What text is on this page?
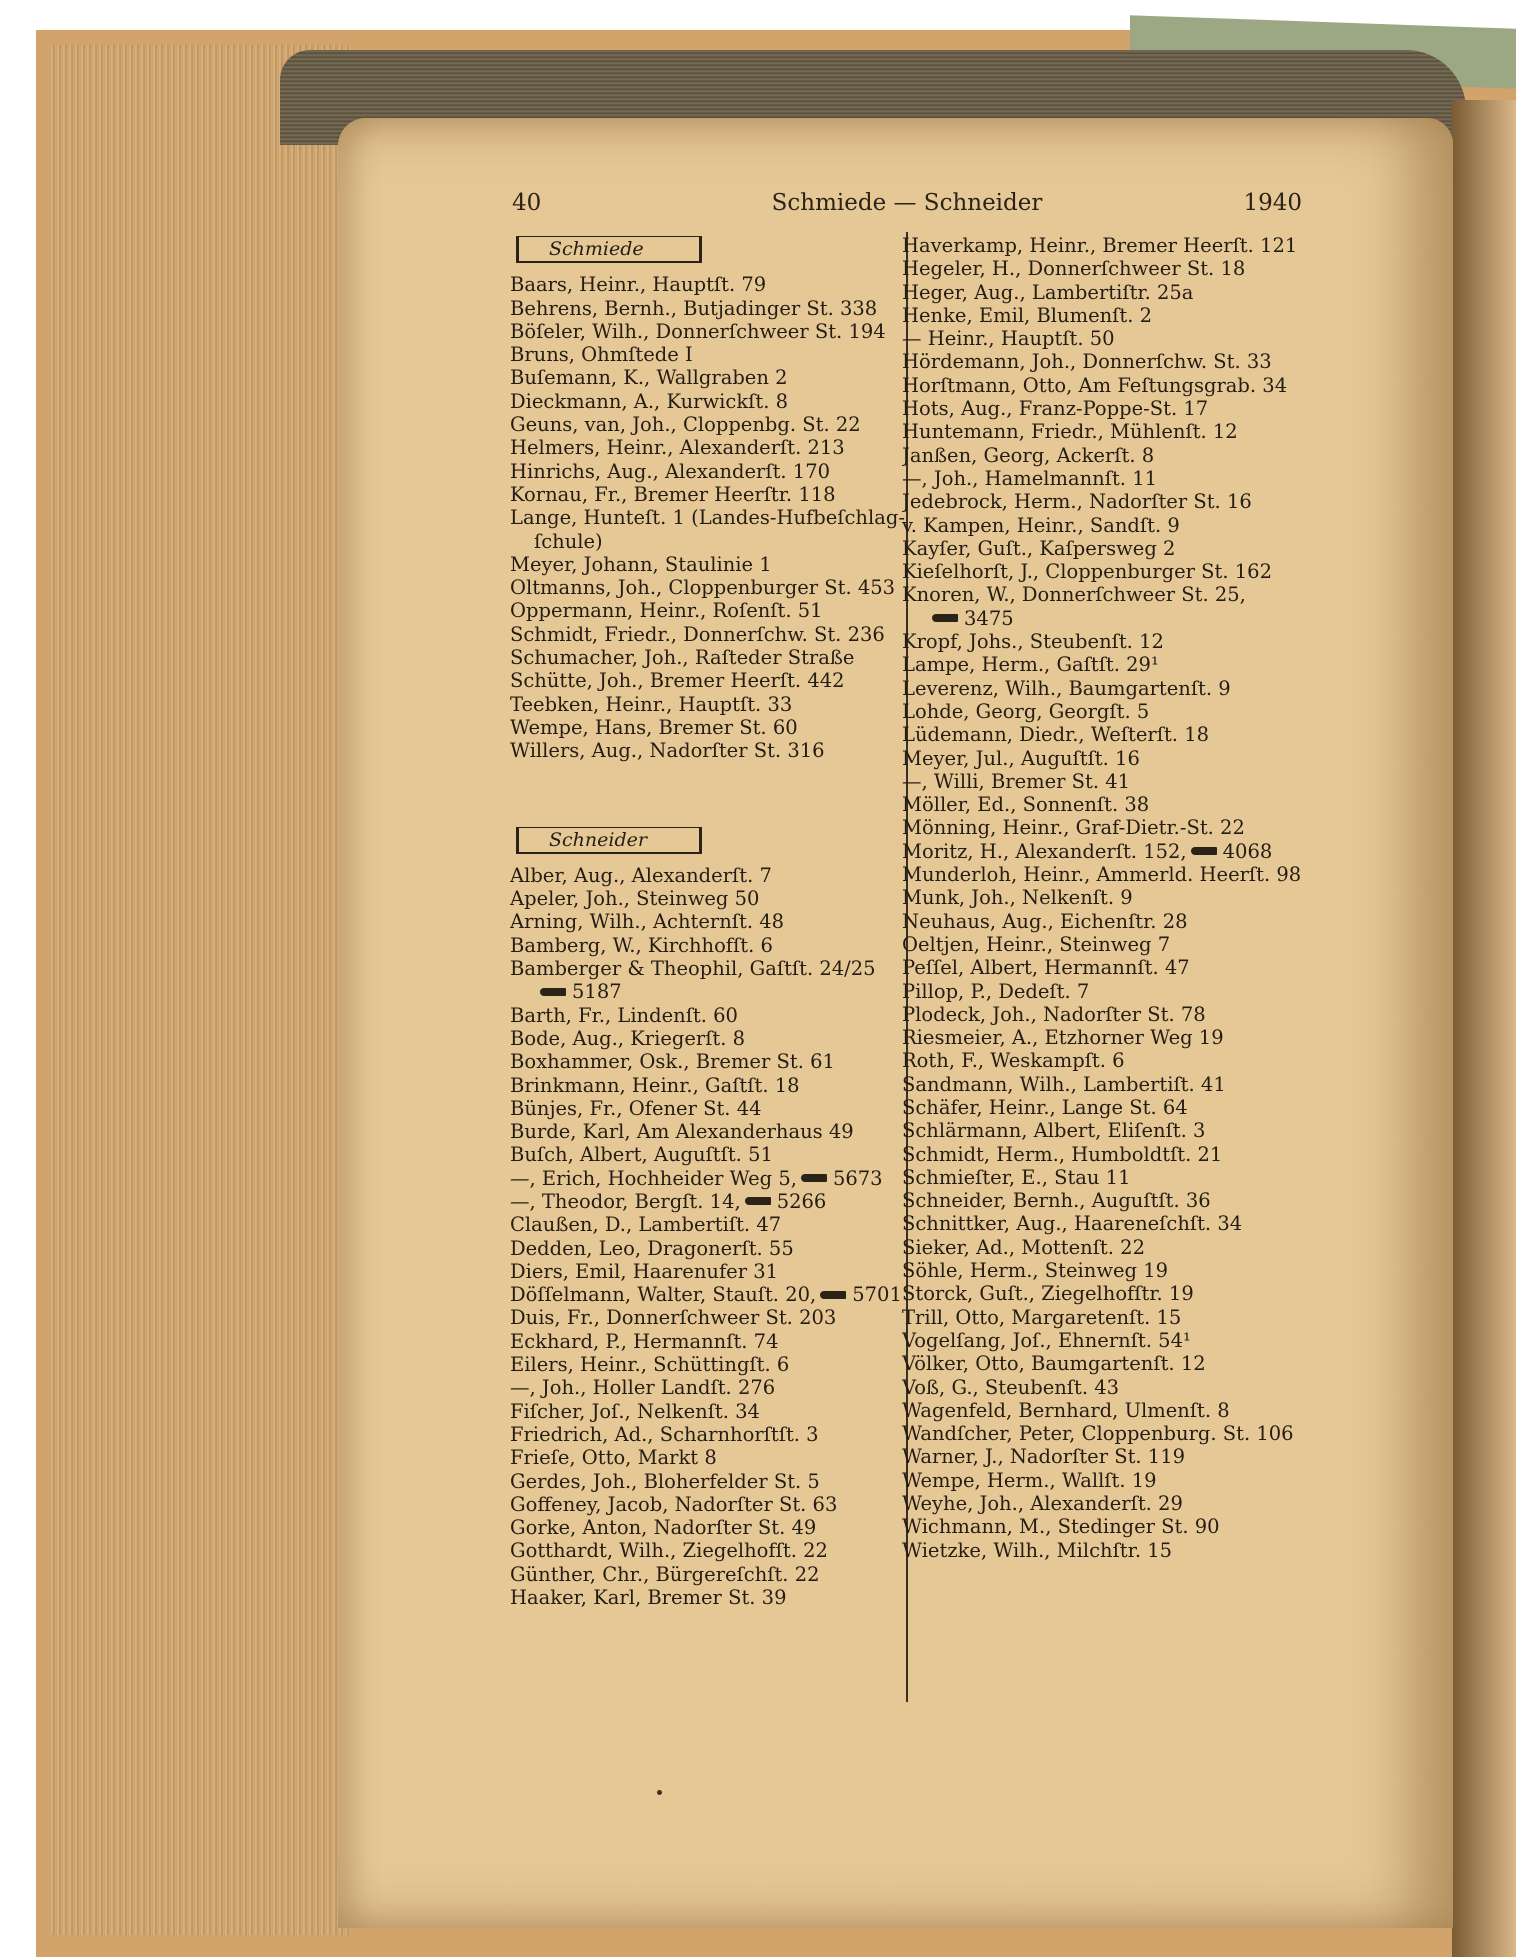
40	Schmiede — Schneider	1940
Schmiede
Baars, Heinr., Hauptſt. 79
Behrens, Bernh., Butjadinger St. 338
Böſeler, Wilh., Donnerſchweer St. 194
Bruns, Ohmſtede I
Buſemann, K., Wallgraben 2
Dieckmann, A., Kurwickſt. 8
Geuns, van, Joh., Cloppenbg. St. 22
Helmers, Heinr., Alexanderſt. 213
Hinrichs, Aug., Alexanderſt. 170
Kornau, Fr., Bremer Heerſtr. 118
Lange, Hunteſt. 1 (Landes-Hufbeſchlag-ſchule)
Meyer, Johann, Staulinie 1
Oltmanns, Joh., Cloppenburger St. 453
Oppermann, Heinr., Roſenſt. 51
Schmidt, Friedr., Donnerſchw. St. 236
Schumacher, Joh., Raſteder Straße
Schütte, Joh., Bremer Heerſt. 442
Teebken, Heinr., Hauptſt. 33
Wempe, Hans, Bremer St. 60
Willers, Aug., Nadorſter St. 316
Schneider
Alber, Aug., Alexanderſt. 7
Apeler, Joh., Steinweg 50
Arning, Wilh., Achternſt. 48
Bamberg, W., Kirchhofſt. 6
Bamberger & Theophil, Gaſtſt. 24/25
5187
Barth, Fr., Lindenſt. 60
Bode, Aug., Kriegerſt. 8
Boxhammer, Osk., Bremer St. 61
Brinkmann, Heinr., Gaſtſt. 18
Bünjes, Fr., Ofener St. 44
Burde, Karl, Am Alexanderhaus 49
Buſch, Albert, Auguſtſt. 51
—, Erich, Hochheider Weg 5, 5673
—, Theodor, Bergſt. 14, 5266
Claußen, D., Lambertiſt. 47
Dedden, Leo, Dragonerſt. 55
Diers, Emil, Haarenufer 31
Döſſelmann, Walter, Stauſt. 20, 5701
Duis, Fr., Donnerſchweer St. 203
Eckhard, P., Hermannſt. 74
Eilers, Heinr., Schüttingſt. 6
—, Joh., Holler Landſt. 276
Fiſcher, Joſ., Nelkenſt. 34
Friedrich, Ad., Scharnhorſtſt. 3
Frieſe, Otto, Markt 8
Gerdes, Joh., Bloherfelder St. 5
Goffeney, Jacob, Nadorſter St. 63
Gorke, Anton, Nadorſter St. 49
Gotthardt, Wilh., Ziegelhofſt. 22
Günther, Chr., Bürgereſchſt. 22
Haaker, Karl, Bremer St. 39
Haverkamp, Heinr., Bremer Heerſt. 121
Hegeler, H., Donnerſchweer St. 18
Heger, Aug., Lambertiſtr. 25a
Henke, Emil, Blumenſt. 2
— Heinr., Hauptſt. 50
Hördemann, Joh., Donnerſchw. St. 33
Horſtmann, Otto, Am Feſtungsgrab. 34
Hots, Aug., Franz-Poppe-St. 17
Huntemann, Friedr., Mühlenſt. 12
Janßen, Georg, Ackerſt. 8
—, Joh., Hamelmannſt. 11
Jedebrock, Herm., Nadorſter St. 16
v. Kampen, Heinr., Sandſt. 9
Kayſer, Guſt., Kaſpersweg 2
Kieſelhorſt, J., Cloppenburger St. 162
Knoren, W., Donnerſchweer St. 25,
3475
Kropf, Johs., Steubenſt. 12
Lampe, Herm., Gaſtſt. 29¹
Leverenz, Wilh., Baumgartenſt. 9
Lohde, Georg, Georgſt. 5
Lüdemann, Diedr., Weſterſt. 18
Meyer, Jul., Auguſtſt. 16
—, Willi, Bremer St. 41
Möller, Ed., Sonnenſt. 38
Mönning, Heinr., Graf-Dietr.-St. 22
Moritz, H., Alexanderſt. 152, 4068
Munderloh, Heinr., Ammerld. Heerſt. 98
Munk, Joh., Nelkenſt. 9
Neuhaus, Aug., Eichenſtr. 28
Oeltjen, Heinr., Steinweg 7
Peſſel, Albert, Hermannſt. 47
Pillop, P., Dedeſt. 7
Plodeck, Joh., Nadorſter St. 78
Riesmeier, A., Etzhorner Weg 19
Roth, F., Weskampſt. 6
Sandmann, Wilh., Lambertiſt. 41
Schäfer, Heinr., Lange St. 64
Schlärmann, Albert, Eliſenſt. 3
Schmidt, Herm., Humboldtſt. 21
Schmieſter, E., Stau 11
Schneider, Bernh., Auguſtſt. 36
Schnittker, Aug., Haareneſchſt. 34
Sieker, Ad., Mottenſt. 22
Söhle, Herm., Steinweg 19
Storck, Guſt., Ziegelhofſtr. 19
Trill, Otto, Margaretenſt. 15
Vogelſang, Joſ., Ehnernſt. 54¹
Völker, Otto, Baumgartenſt. 12
Voß, G., Steubenſt. 43
Wagenfeld, Bernhard, Ulmenſt. 8
Wandſcher, Peter, Cloppenburg. St. 106
Warner, J., Nadorſter St. 119
Wempe, Herm., Wallſt. 19
Weyhe, Joh., Alexanderſt. 29
Wichmann, M., Stedinger St. 90
Wietzke, Wilh., Milchſtr. 15
